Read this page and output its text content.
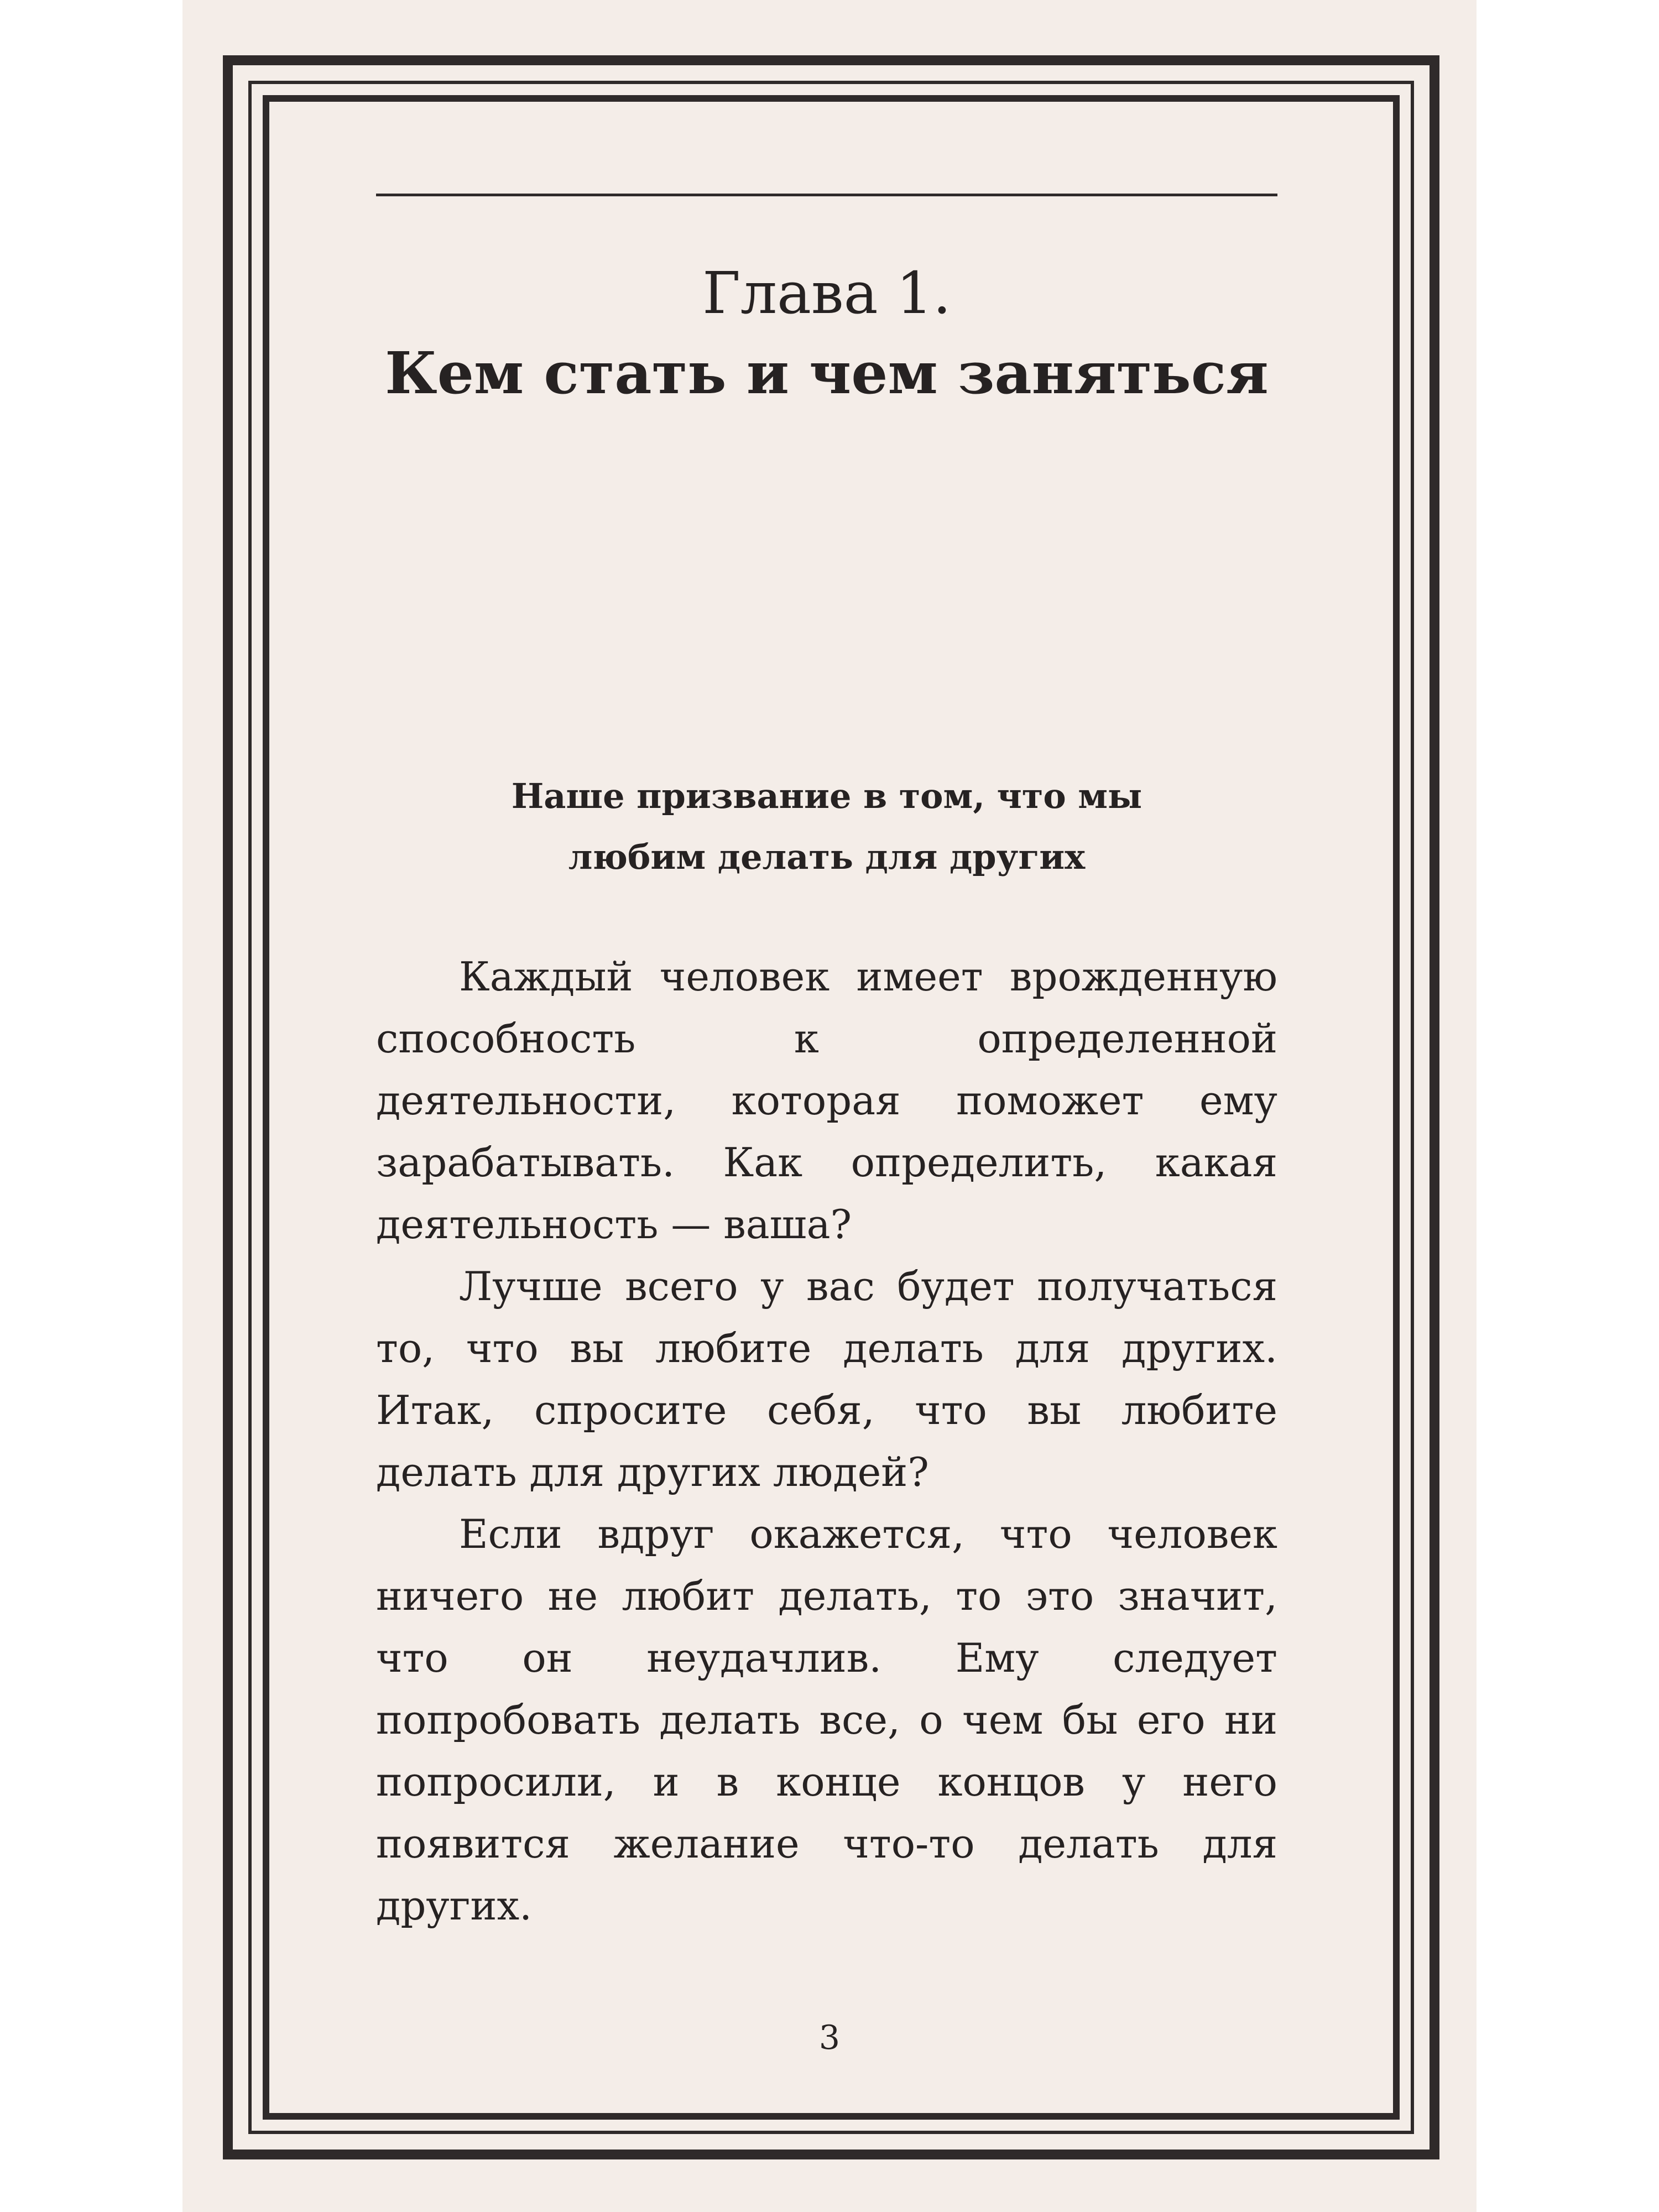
Глава 1.
Кем стать и чем заняться
Наше призвание в том, что мы
любим делать для других

Каждый человек имеет врожденную способность к определенной деятельности, которая поможет ему зарабатывать. Как определить, какая деятельность — ваша?

Лучше всего у вас будет получаться то, что вы любите делать для других. Итак, спросите себя, что вы любите делать для других людей?

Если вдруг окажется, что человек ничего не любит делать, то это значит, что он неудачлив. Ему следует попробовать делать все, о чем бы его ни попросили, и в конце концов у него появится желание что-то делать для других.

3
